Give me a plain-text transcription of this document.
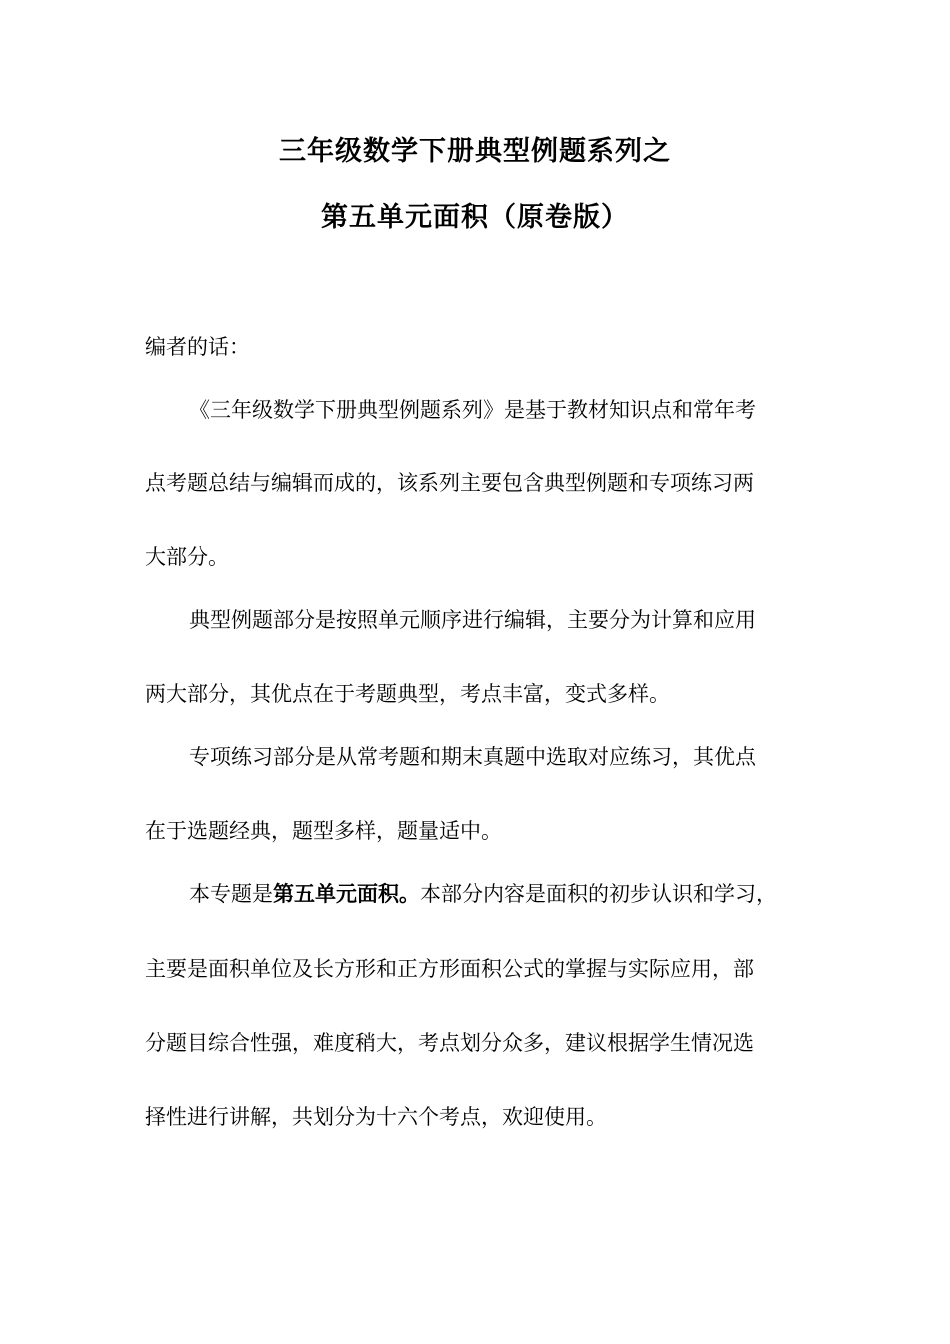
三年级数学下册典型例题系列之
第五单元面积（原卷版）
编者的话：
《三年级数学下册典型例题系列》是基于教材知识点和常年考
点考题总结与编辑而成的，该系列主要包含典型例题和专项练习两
大部分。
典型例题部分是按照单元顺序进行编辑，主要分为计算和应用
两大部分，其优点在于考题典型，考点丰富，变式多样。
专项练习部分是从常考题和期末真题中选取对应练习，其优点
在于选题经典，题型多样，题量适中。
本专题是第五单元面积。本部分内容是面积的初步认识和学习，
主要是面积单位及长方形和正方形面积公式的掌握与实际应用，部
分题目综合性强，难度稍大，考点划分众多，建议根据学生情况选
择性进行讲解，共划分为十六个考点，欢迎使用。
